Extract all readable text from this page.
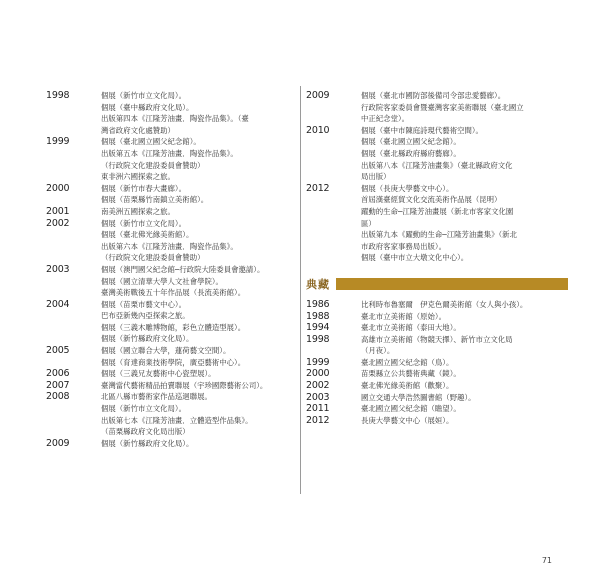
1998	個展（新竹市立文化局）。
個展（臺中縣政府文化局）。
出版第四本《江隆芳油畫．陶瓷作品集》。（臺
灣省政府文化處贊助）
1999	個展（臺北國立國父紀念館）。
出版第五本《江隆芳油畫．陶瓷作品集》。
（行政院文化建設委員會贊助）
東非洲六國探索之旅。
2000	個展（新竹市春大畫廊）。
個展（苗栗縣竹南鎮立美術館）。
2001	南美洲五國探索之旅。
2002	個展（新竹市立文化局）。
個展（臺北佛光緣美術館）。
出版第六本《江隆芳油畫．陶瓷作品集》。
（行政院文化建設委員會贊助）
2003	個展（澳門國父紀念館─行政院大陸委員會邀請）。
個展（國立清華大學人文社會學院）。
臺灣美術戰後五十年作品展（長流美術館）。
2004	個展（苗栗市藝文中心）。
巴布亞新幾內亞探索之旅。
個展（三義木雕博物館，彩色立體造型展）。
個展（新竹縣政府文化局）。
2005	個展（國立聯合大學，蓮荷藝文空間）。
個展（育達商業技術學院，廣亞藝術中心）。
2006	個展（三義兄友藝術中心瓷塑展）。
2007	臺灣當代藝術精品拍賣聯展（宇珍國際藝術公司）。
2008	北區八縣市藝術家作品巡迴聯展。
個展（新竹市立文化局）。
出版第七本《江隆芳油畫．立體造型作品集》。
（苗栗縣政府文化局出版）
2009	個展（新竹縣政府文化局）。
2009	個展（臺北市國防部後備司令部忠愛藝廊）。
行政院客家委員會暨臺灣客家美術聯展（臺北國立
中正紀念堂）。
2010	個展（臺中市陳庭詩現代藝術空間）。
個展（臺北國立國父紀念館）。
個展（臺北縣政府縣府藝廊）。
出版第八本《江隆芳油畫集》（臺北縣政府文化
局出版）
2012	個展（長庚大學藝文中心）。
首屆漢臺經貿文化交流美術作品展（昆明）
躍動的生命─江隆芳油畫展（新北市客家文化園
區）
出版第九本《躍動的生命─江隆芳油畫集》（新北
市政府客家事務局出版）。
個展（臺中市立大墩文化中心）。
典藏
1986	比利時布魯塞爾　伊克色爾美術館（女人與小孩）。
1988	臺北市立美術館（原始）。
1994	臺北市立美術館（泰田大地）。
1998	高雄市立美術館（物競天擇）、新竹市立文化局
（月夜）。
1999	臺北國立國父紀念館（鳥）。
2000	苗栗縣立公共藝術典藏（鏡）。
2002	臺北佛光緣美術館（歡聚）。
2003	國立交通大學浩然圖書館（野趣）。
2011	臺北國立國父紀念館（瞻望）。
2012	長庚大學藝文中心（展姮）。
71
